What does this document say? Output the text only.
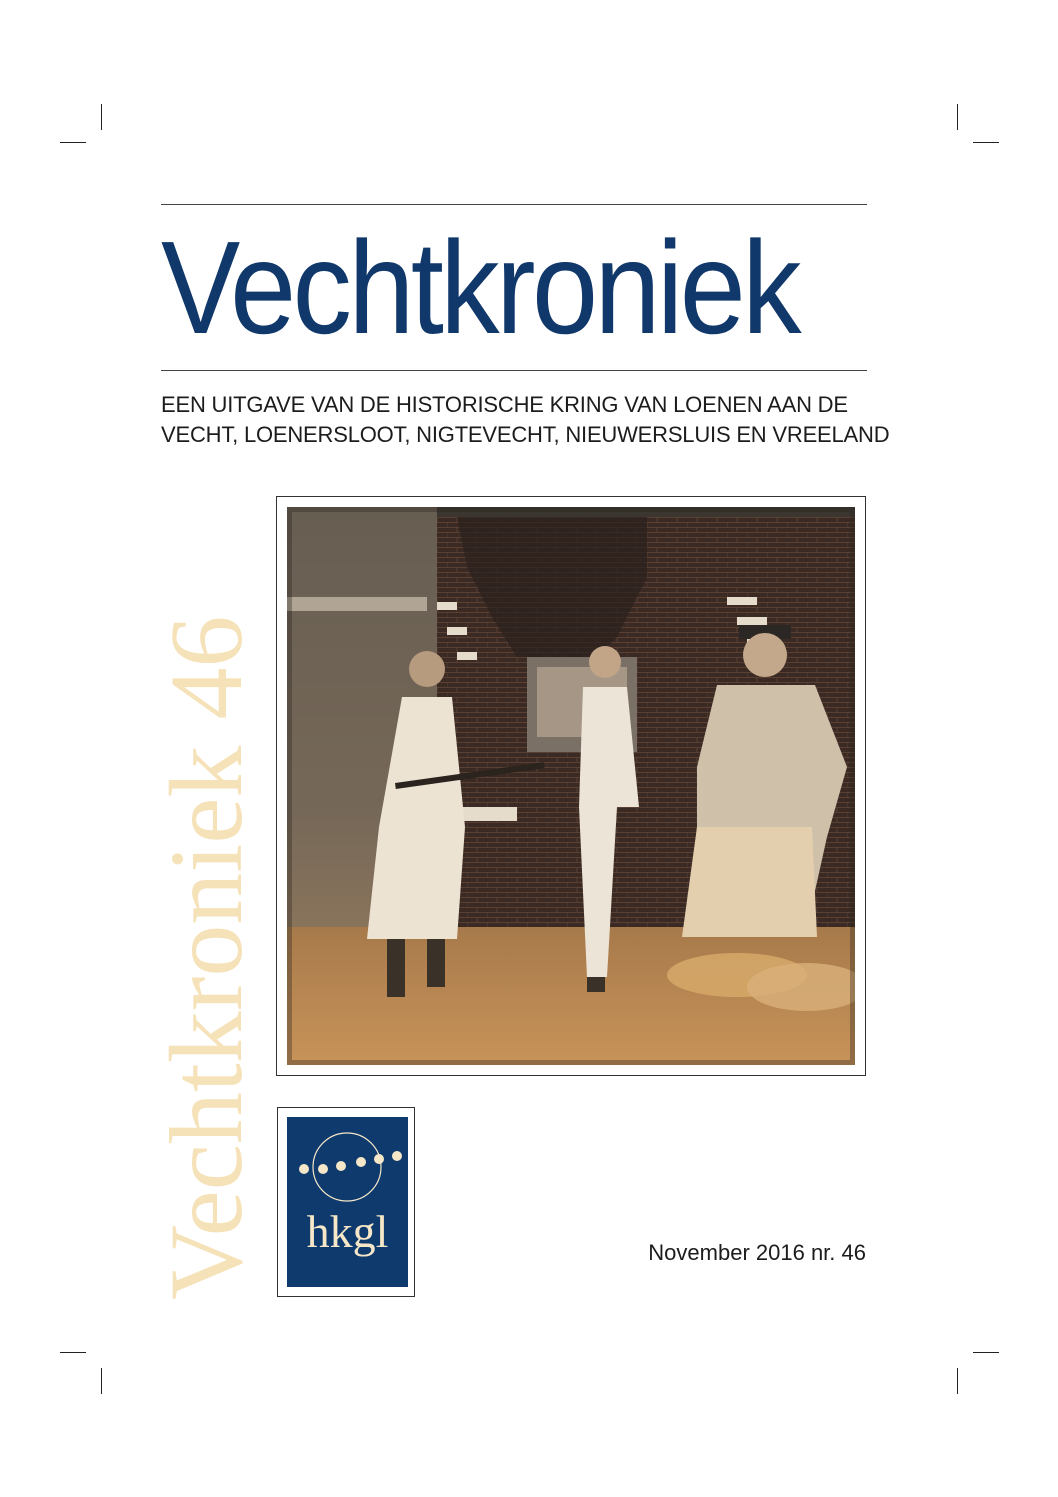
Vechtkroniek
EEN UITGAVE VAN DE HISTORISCHE KRING VAN LOENEN AAN DE
VECHT, LOENERSLOOT, NIGTEVECHT, NIEUWERSLUIS EN VREELAND
Vechtkroniek 46 hkgl	November 2016 nr. 46
